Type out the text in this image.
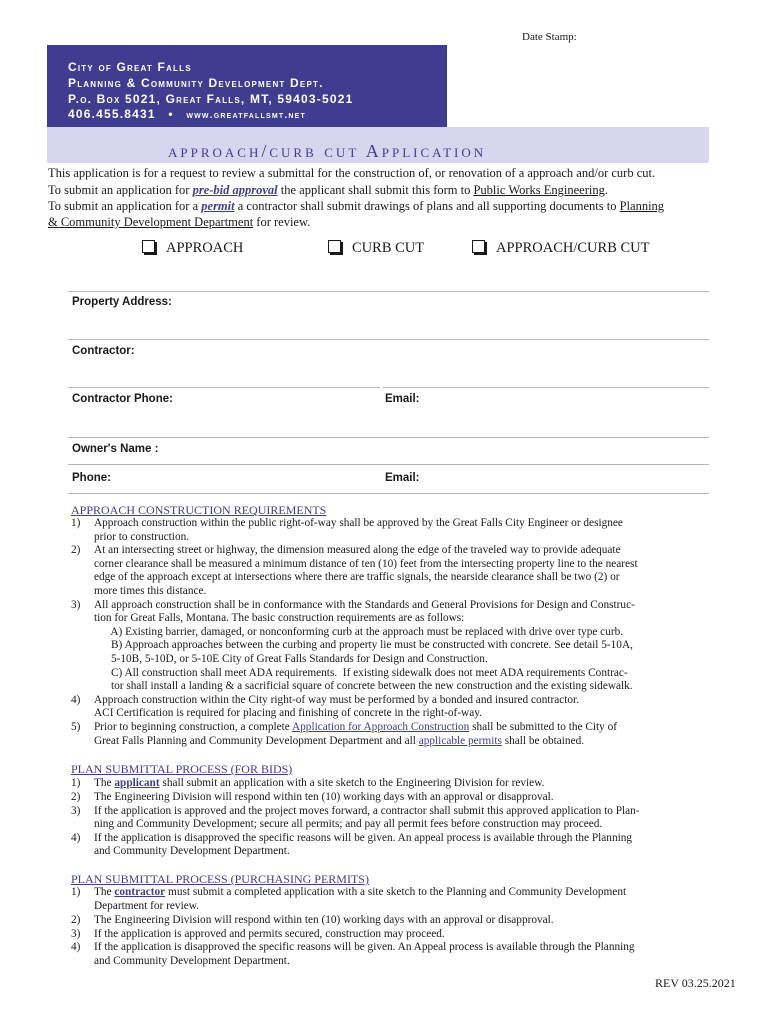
Date Stamp:
City of Great Falls
Planning & Community Development Dept.
P.o. Box 5021, Great Falls, MT, 59403-5021
406.455.8431 • www.greatfallsmt.net
approach/curb cut Application
This application is for a request to review a submittal for the construction of, or renovation of a approach and/or curb cut.
To submit an application for pre-bid approval the applicant shall submit this form to Public Works Engineering.
To submit an application for a permit a contractor shall submit drawings of plans and all supporting documents to Planning
& Community Development Department for review.
APPROACH	CURB CUT	APPROACH/CURB CUT
Property Address:
Contractor:
Contractor Phone:	Email:
Owner's Name :
Phone:	Email:
APPROACH CONSTRUCTION REQUIREMENTS
1) Approach construction within the public right-of-way shall be approved by the Great Falls City Engineer or designee
prior to construction.
2) At an intersecting street or highway, the dimension measured along the edge of the traveled way to provide adequate
corner clearance shall be measured a minimum distance of ten (10) feet from the intersecting property line to the nearest
edge of the approach except at intersections where there are traffic signals, the nearside clearance shall be two (2) or
more times this distance.
3) All approach construction shall be in conformance with the Standards and General Provisions for Design and Construc-
tion for Great Falls, Montana. The basic construction requirements are as follows:
A) Existing barrier, damaged, or nonconforming curb at the approach must be replaced with drive over type curb.
B) Approach approaches between the curbing and property lie must be constructed with concrete. See detail 5-10A,
5-10B, 5-10D, or 5-10E City of Great Falls Standards for Design and Construction.
C) All construction shall meet ADA requirements.  If existing sidewalk does not meet ADA requirements Contrac-
tor shall install a landing & a sacrificial square of concrete between the new construction and the existing sidewalk.
4) Approach construction within the City right-of way must be performed by a bonded and insured contractor.
ACI Certification is required for placing and finishing of concrete in the right-of-way.
Prior to beginning construction, a complete Application for Approach Construction shall be submitted to the City of
5)
Great Falls Planning and Community Development Department and all applicable permits shall be obtained.
PLAN SUBMITTAL PROCESS (FOR BIDS)
1) The applicant shall submit an application with a site sketch to the Engineering Division for review.
2) The Engineering Division will respond within ten (10) working days with an approval or disapproval.
3) If the application is approved and the project moves forward, a contractor shall submit this approved application to Plan-
ning and Community Development; secure all permits; and pay all permit fees before construction may proceed.
4) If the application is disapproved the specific reasons will be given. An appeal process is available through the Planning
and Community Development Department.
PLAN SUBMITTAL PROCESS (PURCHASING PERMITS)
1) The contractor must submit a completed application with a site sketch to the Planning and Community Development
Department for review.
2) The Engineering Division will respond within ten (10) working days with an approval or disapproval.
3) If the application is approved and permits secured, construction may proceed.
4) If the application is disapproved the specific reasons will be given. An Appeal process is available through the Planning
and Community Development Department.
REV 03.25.2021
